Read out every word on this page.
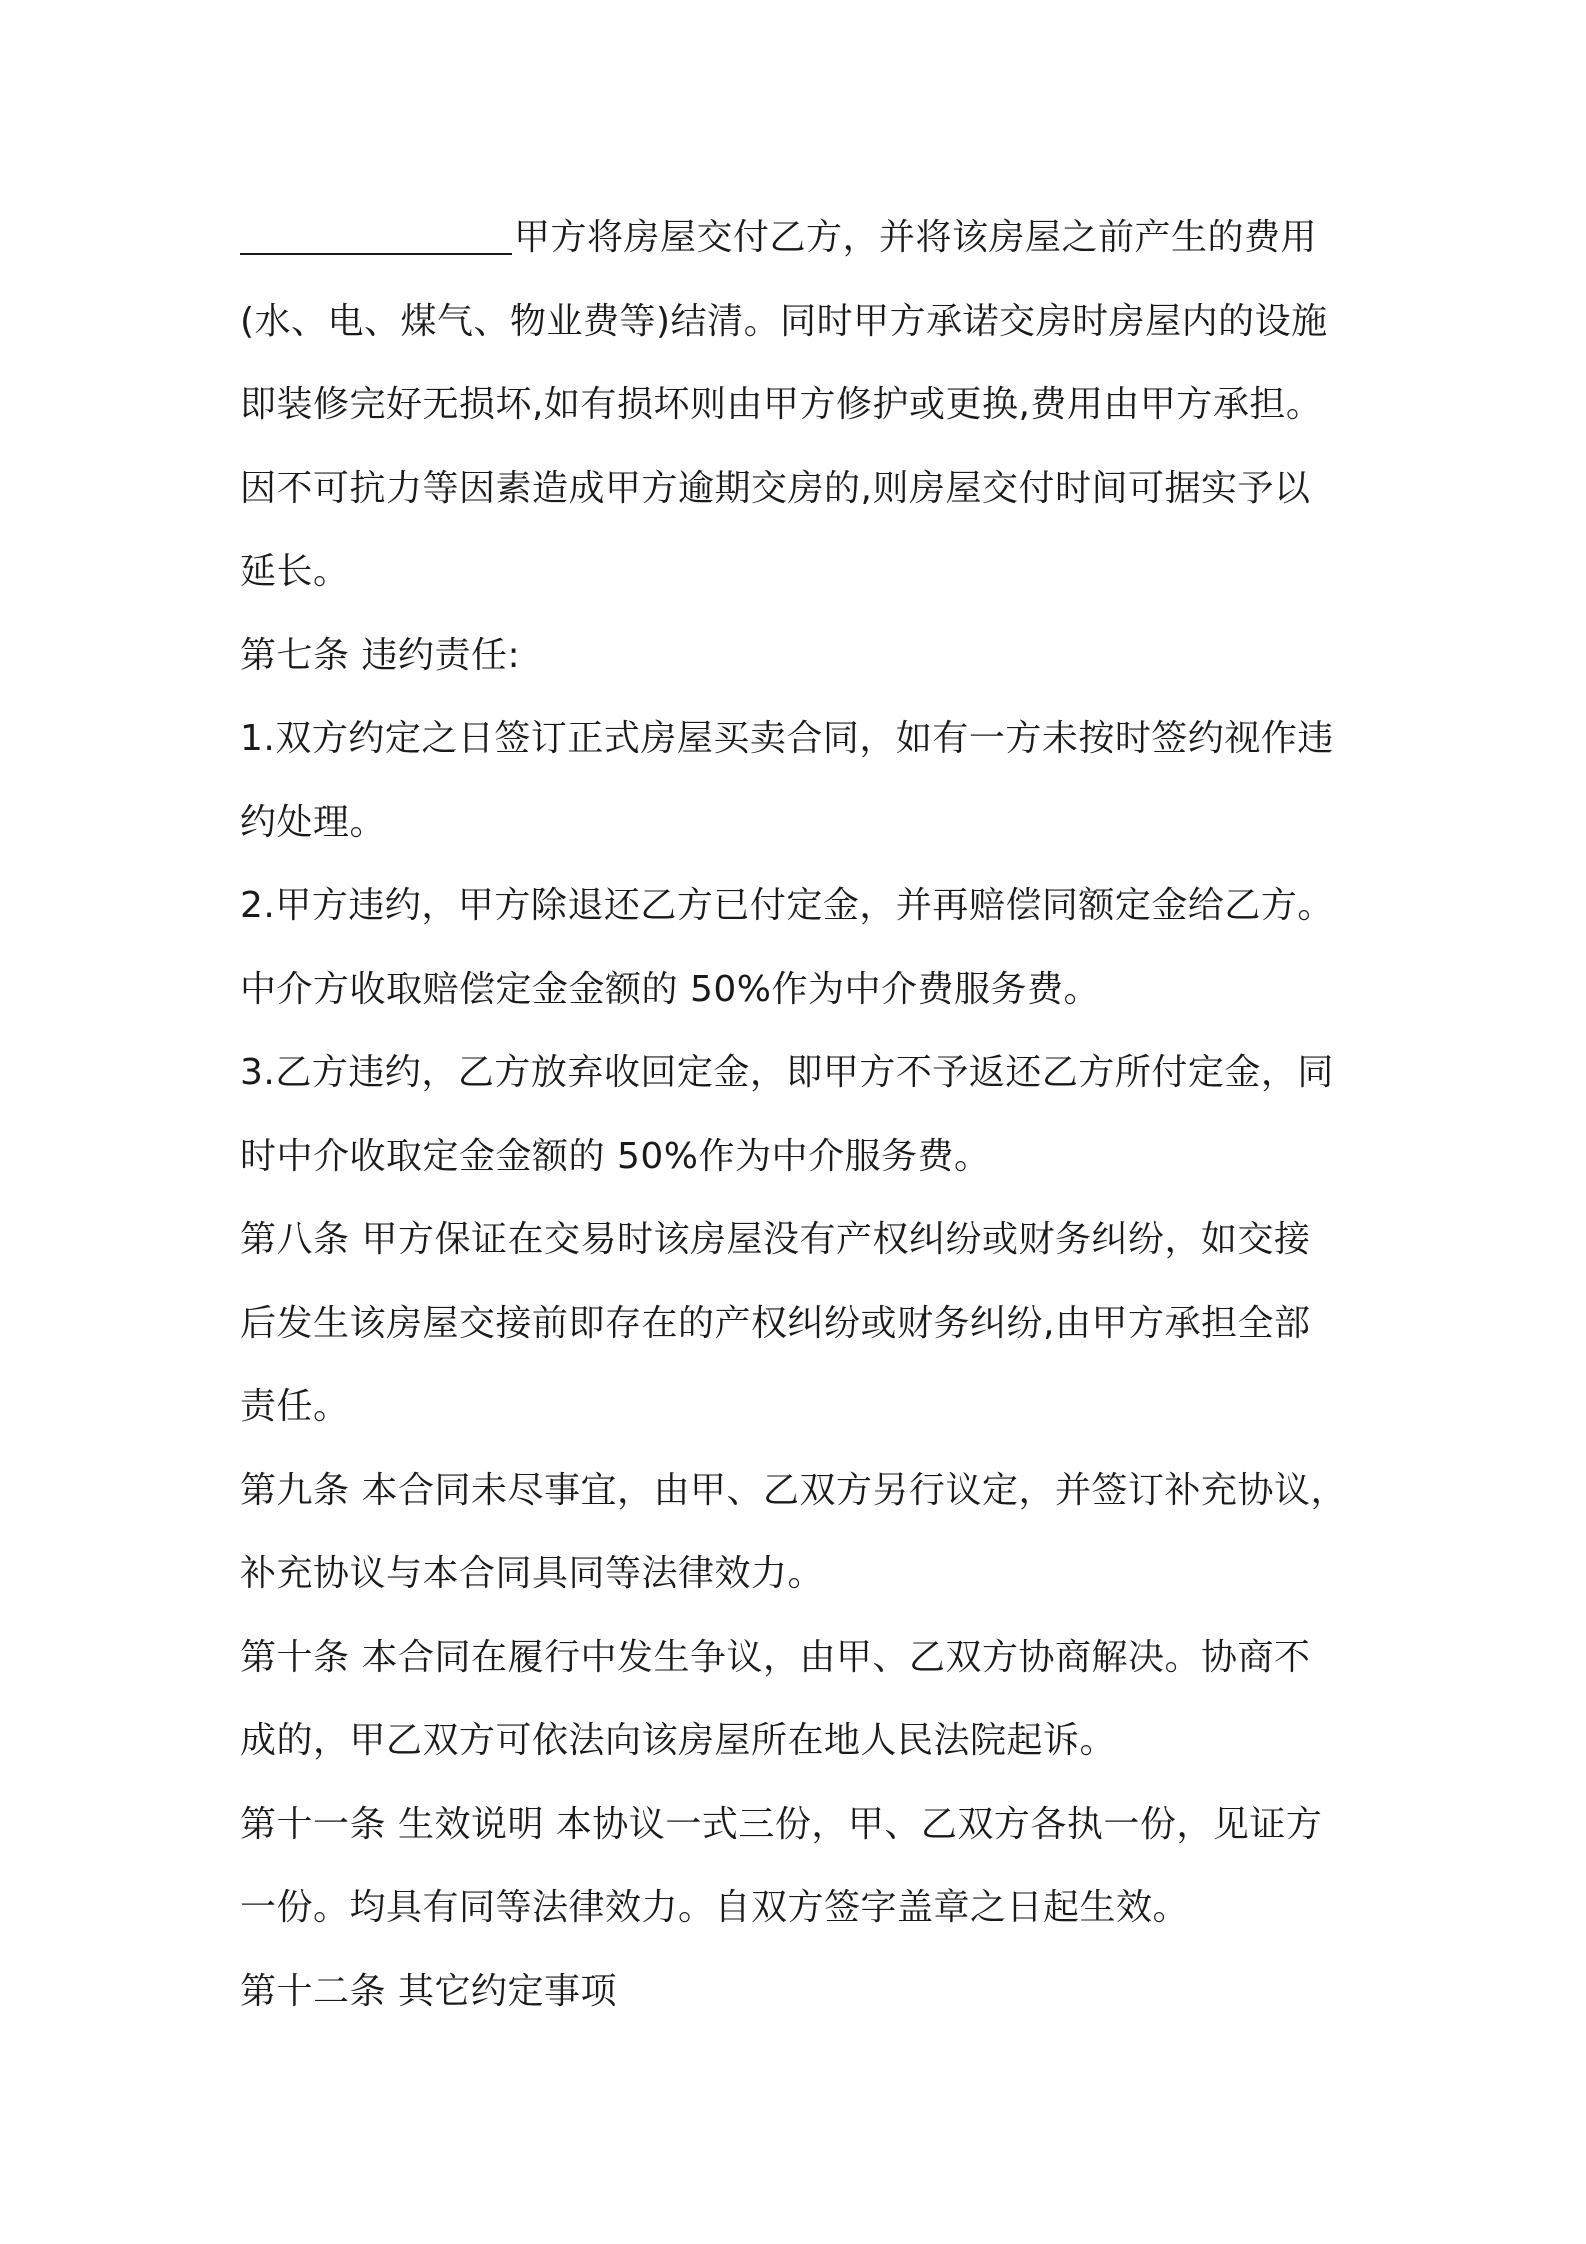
甲方将房屋交付乙方，并将该房屋之前产生的费用
(水、电、煤气、物业费等)结清。同时甲方承诺交房时房屋内的设施
即装修完好无损坏,如有损坏则由甲方修护或更换,费用由甲方承担。
因不可抗力等因素造成甲方逾期交房的,则房屋交付时间可据实予以
延长。
第七条 违约责任:
1.双方约定之日签订正式房屋买卖合同，如有一方未按时签约视作违
约处理。
2.甲方违约，甲方除退还乙方已付定金，并再赔偿同额定金给乙方。
中介方收取赔偿定金金额的 50%作为中介费服务费。
3.乙方违约，乙方放弃收回定金，即甲方不予返还乙方所付定金，同
时中介收取定金金额的 50%作为中介服务费。
第八条 甲方保证在交易时该房屋没有产权纠纷或财务纠纷，如交接
后发生该房屋交接前即存在的产权纠纷或财务纠纷,由甲方承担全部
责任。
第九条 本合同未尽事宜，由甲、乙双方另行议定，并签订补充协议，
补充协议与本合同具同等法律效力。
第十条 本合同在履行中发生争议，由甲、乙双方协商解决。协商不
成的，甲乙双方可依法向该房屋所在地人民法院起诉。
第十一条 生效说明 本协议一式三份，甲、乙双方各执一份，见证方
一份。均具有同等法律效力。自双方签字盖章之日起生效。
第十二条 其它约定事项
